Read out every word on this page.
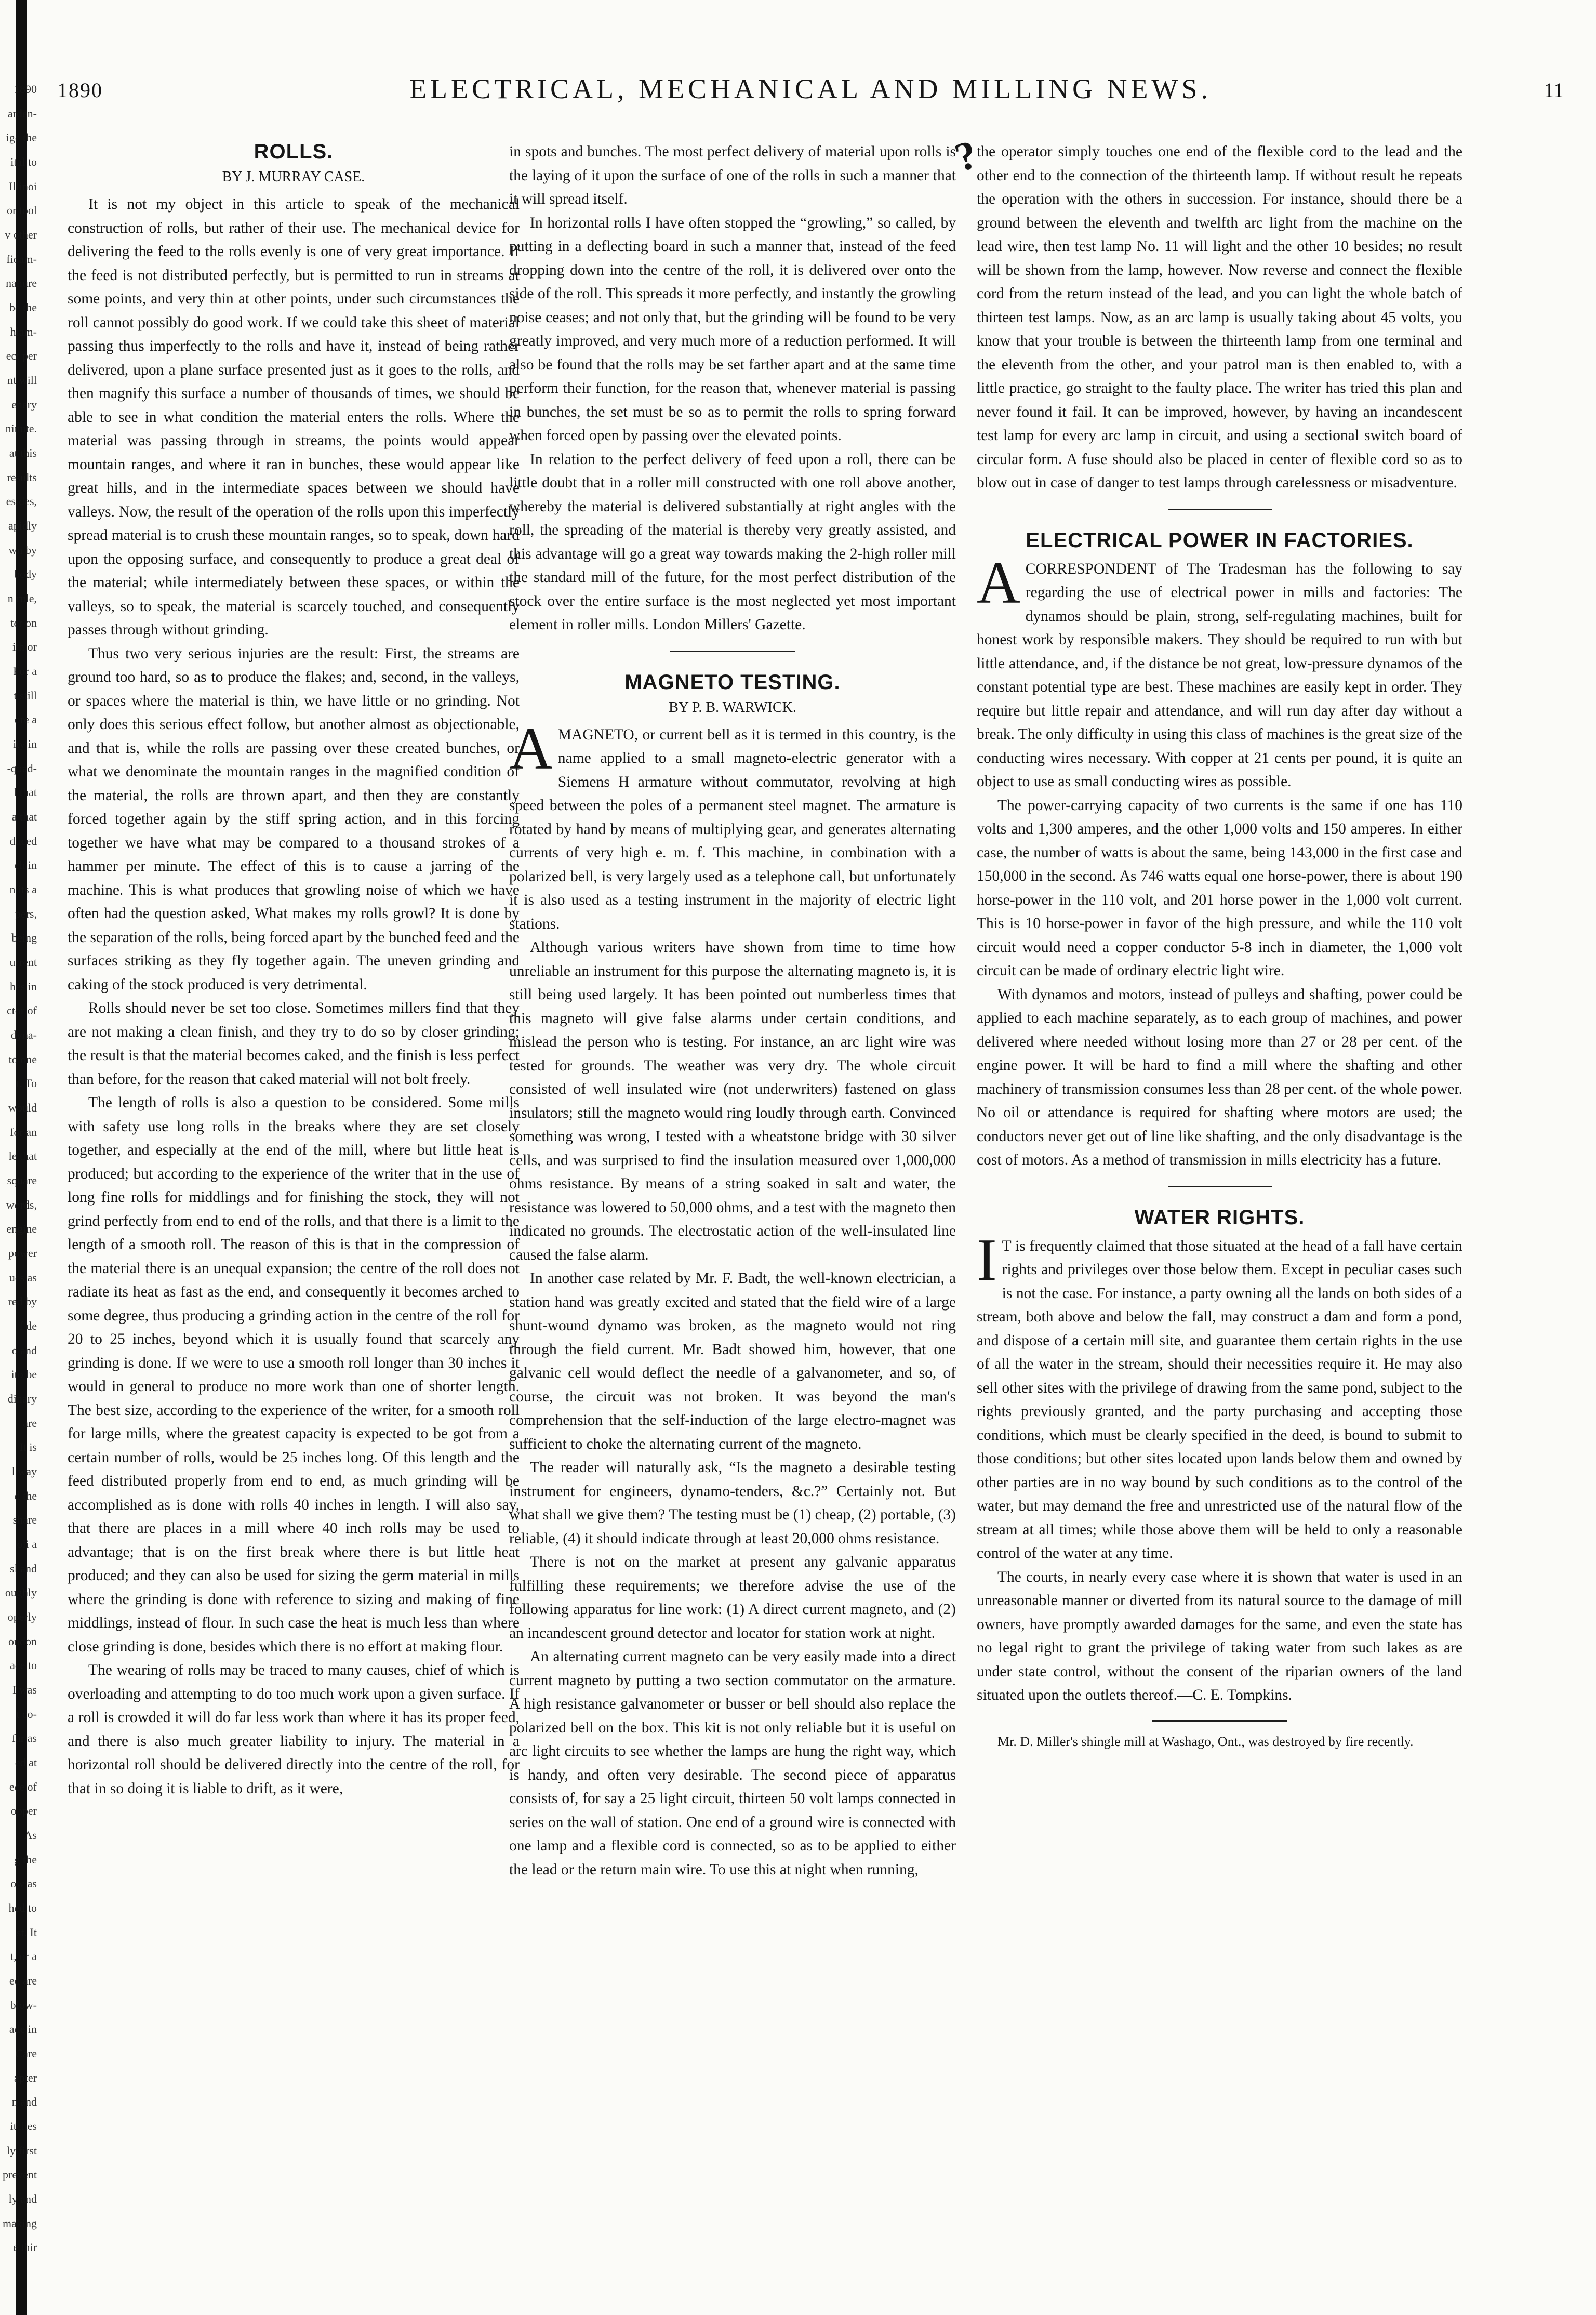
1890
arden-
ige the
ital to
Illinoi
or tool
v other
fidam-
nanure
be the
hlam-
ect per
nt will
enery
ninute.
at this
results
esides,
apidly
wn by
body
n rule,
ter on
ith or
For a
t still
ore a
ity in
-quad-
l that
a that
duced
ch in
n its a
pers,
being
urrent
hes in
ctor of
dyna-
to one
t. To
would
for an
le that
square
words,
engine
power
ues as
red by
f de
o and
ito be
dinary
are
It is
l way
d the
share
oli a
sl and
oughly
operly
ondon
ace to
I was
t co-
far as
ed at
ece of
opper
As
g the
ow as
hed to
st. It
t, or a
ed are
blow-
ade in
Care
apter
n and
itches
ly first
prevent
ly and
making
e thir
1890	ELECTRICAL, MECHANICAL AND MILLING NEWS.	11
?
ROLLS.
BY J. MURRAY CASE.

It is not my object in this article to speak of the mechanical construction of rolls, but rather of their use. The mechanical device for delivering the feed to the rolls evenly is one of very great importance. If the feed is not distributed perfectly, but is permitted to run in streams at some points, and very thin at other points, under such circumstances the roll cannot possibly do good work. If we could take this sheet of material passing thus imperfectly to the rolls and have it, instead of being rather delivered, upon a plane surface presented just as it goes to the rolls, and then magnify this surface a number of thousands of times, we should be able to see in what condition the material enters the rolls. Where the material was passing through in streams, the points would appear mountain ranges, and where it ran in bunches, these would appear like great hills, and in the intermediate spaces between we should have valleys. Now, the result of the operation of the rolls upon this imperfectly spread material is to crush these mountain ranges, so to speak, down hard upon the opposing surface, and consequently to produce a great deal of the material; while intermediately between these spaces, or within the valleys, so to speak, the material is scarcely touched, and consequently passes through without grinding.

Thus two very serious injuries are the result: First, the streams are ground too hard, so as to produce the flakes; and, second, in the valleys, or spaces where the material is thin, we have little or no grinding. Not only does this serious effect follow, but another almost as objectionable, and that is, while the rolls are passing over these created bunches, or what we denominate the mountain ranges in the magnified condition of the material, the rolls are thrown apart, and then they are constantly forced together again by the stiff spring action, and in this forcing together we have what may be compared to a thousand strokes of a hammer per minute. The effect of this is to cause a jarring of the machine. This is what produces that growling noise of which we have often had the question asked, What makes my rolls growl? It is done by the separation of the rolls, being forced apart by the bunched feed and the surfaces striking as they fly together again. The uneven grinding and caking of the stock produced is very detrimental.

Rolls should never be set too close. Sometimes millers find that they are not making a clean finish, and they try to do so by closer grinding; the result is that the material becomes caked, and the finish is less perfect than before, for the reason that caked material will not bolt freely.

The length of rolls is also a question to be considered. Some mills with safety use long rolls in the breaks where they are set closely together, and especially at the end of the mill, where but little heat is produced; but according to the experience of the writer that in the use of long fine rolls for middlings and for finishing the stock, they will not grind perfectly from end to end of the rolls, and that there is a limit to the length of a smooth roll. The reason of this is that in the compression of the material there is an unequal expansion; the centre of the roll does not radiate its heat as fast as the end, and consequently it becomes arched to some degree, thus producing a grinding action in the centre of the roll for 20 to 25 inches, beyond which it is usually found that scarcely any grinding is done. If we were to use a smooth roll longer than 30 inches it would in general to produce no more work than one of shorter length. The best size, according to the experience of the writer, for a smooth roll for large mills, where the greatest capacity is expected to be got from a certain number of rolls, would be 25 inches long. Of this length and the feed distributed properly from end to end, as much grinding will be accomplished as is done with rolls 40 inches in length. I will also say, that there are places in a mill where 40 inch rolls may be used to advantage; that is on the first break where there is but little heat produced; and they can also be used for sizing the germ material in mills where the grinding is done with reference to sizing and making of fine middlings, instead of flour. In such case the heat is much less than where close grinding is done, besides which there is no effort at making flour.

The wearing of rolls may be traced to many causes, chief of which is overloading and attempting to do too much work upon a given surface. If a roll is crowded it will do far less work than where it has its proper feed, and there is also much greater liability to injury. The material in a horizontal roll should be delivered directly into the centre of the roll, for that in so doing it is liable to drift, as it were,

in spots and bunches. The most perfect delivery of material upon rolls is the laying of it upon the surface of one of the rolls in such a manner that it will spread itself.

In horizontal rolls I have often stopped the “growling,” so called, by putting in a deflecting board in such a manner that, instead of the feed dropping down into the centre of the roll, it is delivered over onto the side of the roll. This spreads it more perfectly, and instantly the growling noise ceases; and not only that, but the grinding will be found to be very greatly improved, and very much more of a reduction performed. It will also be found that the rolls may be set farther apart and at the same time perform their function, for the reason that, whenever material is passing in bunches, the set must be so as to permit the rolls to spring forward when forced open by passing over the elevated points.

In relation to the perfect delivery of feed upon a roll, there can be little doubt that in a roller mill constructed with one roll above another, whereby the material is delivered substantially at right angles with the roll, the spreading of the material is thereby very greatly assisted, and this advantage will go a great way towards making the 2-high roller mill the standard mill of the future, for the most perfect distribution of the stock over the entire surface is the most neglected yet most important element in roller mills. London Millers' Gazette.

MAGNETO TESTING.
BY P. B. WARWICK.

AMAGNETO, or current bell as it is termed in this country, is the name applied to a small magneto-electric generator with a Siemens H armature without commutator, revolving at high speed between the poles of a permanent steel magnet. The armature is rotated by hand by means of multiplying gear, and generates alternating currents of very high e. m. f. This machine, in combination with a polarized bell, is very largely used as a telephone call, but unfortunately it is also used as a testing instrument in the majority of electric light stations.

Although various writers have shown from time to time how unreliable an instrument for this purpose the alternating magneto is, it is still being used largely. It has been pointed out numberless times that this magneto will give false alarms under certain conditions, and mislead the person who is testing. For instance, an arc light wire was tested for grounds. The weather was very dry. The whole circuit consisted of well insulated wire (not underwriters) fastened on glass insulators; still the magneto would ring loudly through earth. Convinced something was wrong, I tested with a wheatstone bridge with 30 silver cells, and was surprised to find the insulation measured over 1,000,000 ohms resistance. By means of a string soaked in salt and water, the resistance was lowered to 50,000 ohms, and a test with the magneto then indicated no grounds. The electrostatic action of the well-insulated line caused the false alarm.

In another case related by Mr. F. Badt, the well-known electrician, a station hand was greatly excited and stated that the field wire of a large shunt-wound dynamo was broken, as the magneto would not ring through the field current. Mr. Badt showed him, however, that one galvanic cell would deflect the needle of a galvanometer, and so, of course, the circuit was not broken. It was beyond the man's comprehension that the self-induction of the large electro-magnet was sufficient to choke the alternating current of the magneto.

The reader will naturally ask, “Is the magneto a desirable testing instrument for engineers, dynamo-tenders, &c.?” Certainly not. But what shall we give them? The testing must be (1) cheap, (2) portable, (3) reliable, (4) it should indicate through at least 20,000 ohms resistance.

There is not on the market at present any galvanic apparatus fulfilling these requirements; we therefore advise the use of the following apparatus for line work: (1) A direct current magneto, and (2) an incandescent ground detector and locator for station work at night.

An alternating current magneto can be very easily made into a direct current magneto by putting a two section commutator on the armature. A high resistance galvanometer or busser or bell should also replace the polarized bell on the box. This kit is not only reliable but it is useful on arc light circuits to see whether the lamps are hung the right way, which is handy, and often very desirable. The second piece of apparatus consists of, for say a 25 light circuit, thirteen 50 volt lamps connected in series on the wall of station. One end of a ground wire is connected with one lamp and a flexible cord is connected, so as to be applied to either the lead or the return main wire. To use this at night when running,

the operator simply touches one end of the flexible cord to the lead and the other end to the connection of the thirteenth lamp. If without result he repeats the operation with the others in succession. For instance, should there be a ground between the eleventh and twelfth arc light from the machine on the lead wire, then test lamp No. 11 will light and the other 10 besides; no result will be shown from the lamp, however. Now reverse and connect the flexible cord from the return instead of the lead, and you can light the whole batch of thirteen test lamps. Now, as an arc lamp is usually taking about 45 volts, you know that your trouble is between the thirteenth lamp from one terminal and the eleventh from the other, and your patrol man is then enabled to, with a little practice, go straight to the faulty place. The writer has tried this plan and never found it fail. It can be improved, however, by having an incandescent test lamp for every arc lamp in circuit, and using a sectional switch board of circular form. A fuse should also be placed in center of flexible cord so as to blow out in case of danger to test lamps through carelessness or misadventure.

ELECTRICAL POWER IN FACTORIES.

ACORRESPONDENT of The Tradesman has the following to say regarding the use of electrical power in mills and factories: The dynamos should be plain, strong, self-regulating machines, built for honest work by responsible makers. They should be required to run with but little attendance, and, if the distance be not great, low-pressure dynamos of the constant potential type are best. These machines are easily kept in order. They require but little repair and attendance, and will run day after day without a break. The only difficulty in using this class of machines is the great size of the conducting wires necessary. With copper at 21 cents per pound, it is quite an object to use as small conducting wires as possible.

The power-carrying capacity of two currents is the same if one has 110 volts and 1,300 amperes, and the other 1,000 volts and 150 amperes. In either case, the number of watts is about the same, being 143,000 in the first case and 150,000 in the second. As 746 watts equal one horse-power, there is about 190 horse-power in the 110 volt, and 201 horse power in the 1,000 volt current. This is 10 horse-power in favor of the high pressure, and while the 110 volt circuit would need a copper conductor 5-8 inch in diameter, the 1,000 volt circuit can be made of ordinary electric light wire.

With dynamos and motors, instead of pulleys and shafting, power could be applied to each machine separately, as to each group of machines, and power delivered where needed without losing more than 27 or 28 per cent. of the engine power. It will be hard to find a mill where the shafting and other machinery of transmission consumes less than 28 per cent. of the whole power. No oil or attendance is required for shafting where motors are used; the conductors never get out of line like shafting, and the only disadvantage is the cost of motors. As a method of transmission in mills electricity has a future.

WATER RIGHTS.

IT is frequently claimed that those situated at the head of a fall have certain rights and privileges over those below them. Except in peculiar cases such is not the case. For instance, a party owning all the lands on both sides of a stream, both above and below the fall, may construct a dam and form a pond, and dispose of a certain mill site, and guarantee them certain rights in the use of all the water in the stream, should their necessities require it. He may also sell other sites with the privilege of drawing from the same pond, subject to the rights previously granted, and the party purchasing and accepting those conditions, which must be clearly specified in the deed, is bound to submit to those conditions; but other sites located upon lands below them and owned by other parties are in no way bound by such conditions as to the control of the water, but may demand the free and unrestricted use of the natural flow of the stream at all times; while those above them will be held to only a reasonable control of the water at any time.

The courts, in nearly every case where it is shown that water is used in an unreasonable manner or diverted from its natural source to the damage of mill owners, have promptly awarded damages for the same, and even the state has no legal right to grant the privilege of taking water from such lakes as are under state control, without the consent of the riparian owners of the land situated upon the outlets thereof.—C. E. Tompkins.

Mr. D. Miller's shingle mill at Washago, Ont., was destroyed by fire recently.
